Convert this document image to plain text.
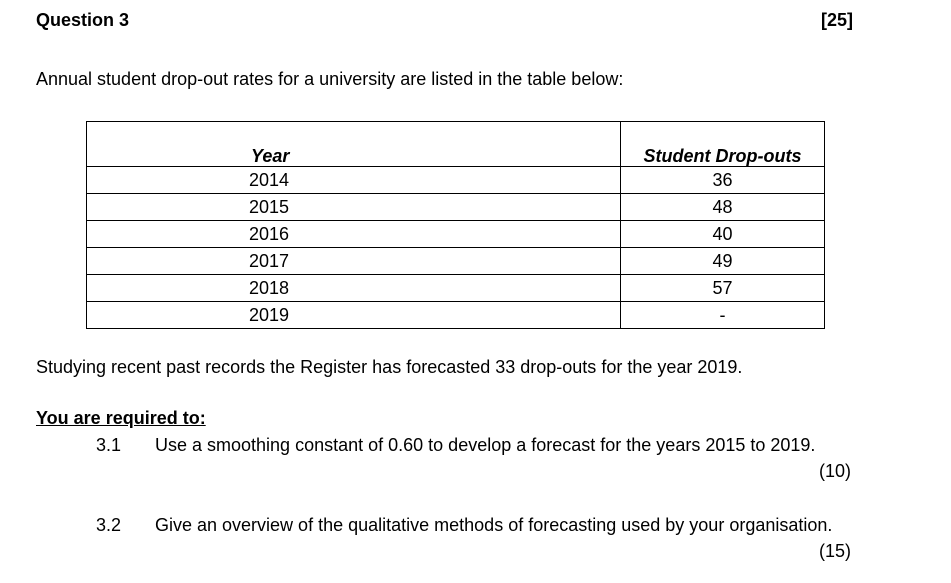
Question 3	[25]
Annual student drop-out rates for a university are listed in the table below:
Year	Student Drop-outs
2014	36
2015	48
2016	40
2017	49
2018	57
2019	-
Studying recent past records the Register has forecasted 33 drop-outs for the year 2019.
You are required to:
3.1 Use a smoothing constant of 0.60 to develop a forecast for the years 2015 to 2019.
(10)
3.2 Give an overview of the qualitative methods of forecasting used by your organisation.
(15)
